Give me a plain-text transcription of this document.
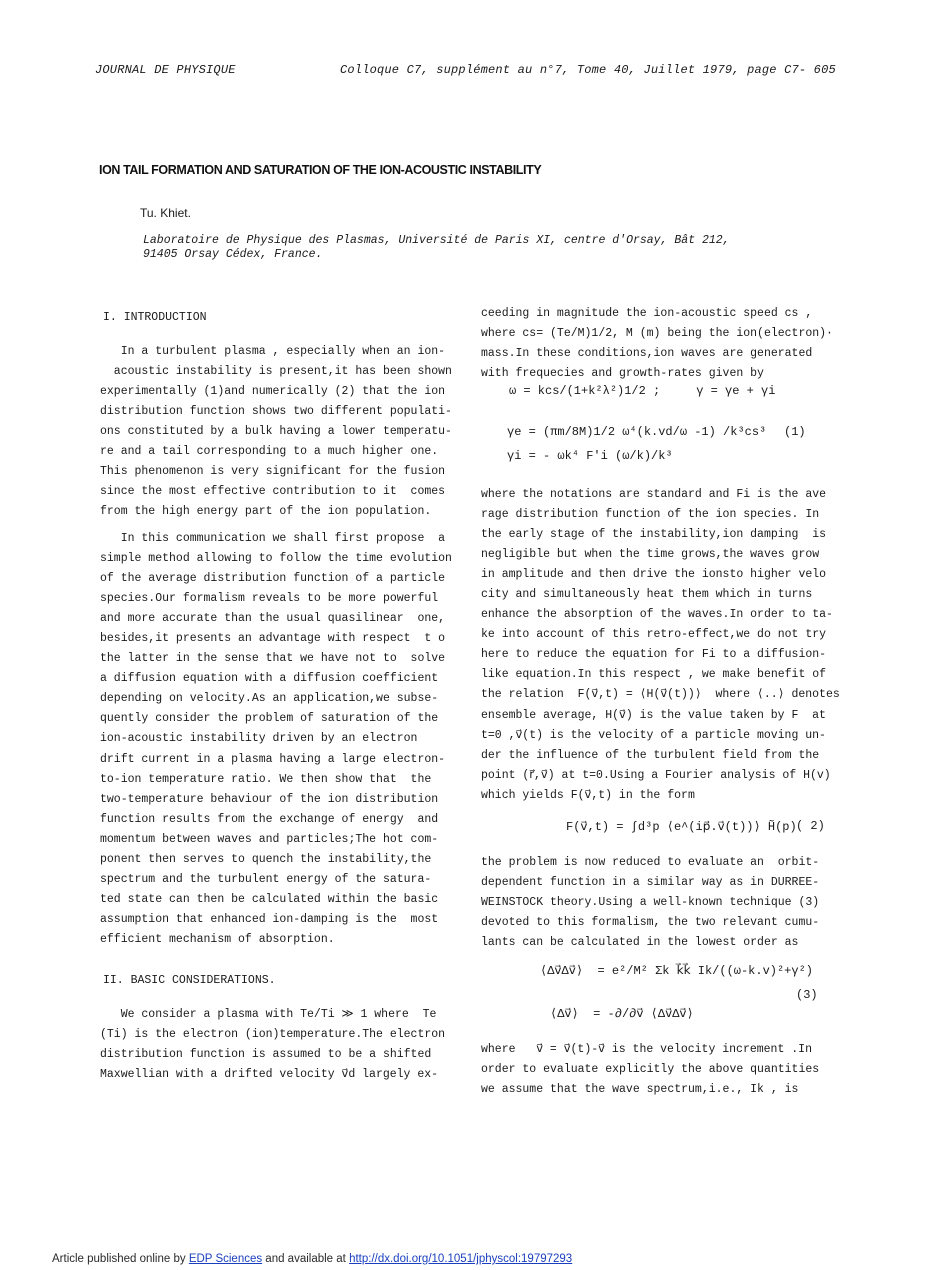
JOURNAL DE PHYSIQUE	Colloque C7, supplément au n°7, Tome 40, Juillet 1979, page C7- 605
ION TAIL FORMATION AND SATURATION OF THE ION-ACOUSTIC INSTABILITY
Tu. Khiet.
Laboratoire de Physique des Plasmas, Université de Paris XI, centre d'Orsay, Bât 212,
91405 Orsay Cédex, France.
I. INTRODUCTION
In a turbulent plasma , especially when an ion-
acoustic instability is present,it has been shown
experimentally (1)and numerically (2) that the ion
distribution function shows two different populati-
ons constituted by a bulk having a lower temperatu-
re and a tail corresponding to a much higher one.
This phenomenon is very significant for the fusion
since the most effective contribution to it  comes
from the high energy part of the ion population.
In this communication we shall first propose  a
simple method allowing to follow the time evolution
of the average distribution function of a particle
species.Our formalism reveals to be more powerful
and more accurate than the usual quasilinear  one,
besides,it presents an advantage with respect  t o
the latter in the sense that we have not to  solve
a diffusion equation with a diffusion coefficient
depending on velocity.As an application,we subse-
quently consider the problem of saturation of the
ion-acoustic instability driven by an electron
drift current in a plasma having a large electron-
to-ion temperature ratio. We then show that  the
two-temperature behaviour of the ion distribution
function results from the exchange of energy  and
momentum between waves and particles;The hot com-
ponent then serves to quench the instability,the
spectrum and the turbulent energy of the satura-
ted state can then be calculated within the basic
assumption that enhanced ion-damping is the  most
efficient mechanism of absorption.
II. BASIC CONSIDERATIONS.
We consider a plasma with Te/Ti ≫ 1 where  Te
(Ti) is the electron (ion)temperature.The electron
distribution function is assumed to be a shifted
Maxwellian with a drifted velocity v⃗d largely ex-
ceeding in magnitude the ion-acoustic speed cs ,
where cs= (Te/M)1/2, M (m) being the ion(electron)·
mass.In these conditions,ion waves are generated
with frequecies and growth-rates given by
ω = kcs/(1+k²λ²)1/2 ;     γ = γe + γi
γe = (πm/8M)1/2 ω⁴(k.vd/ω -1) /k³cs³
γi = - ωk⁴ F'i (ω/k)/k³
(1)
where the notations are standard and Fi is the ave
rage distribution function of the ion species. In
the early stage of the instability,ion damping  is
negligible but when the time grows,the waves grow
in amplitude and then drive the ionsto higher velo
city and simultaneously heat them which in turns
enhance the absorption of the waves.In order to ta-
ke into account of this retro-effect,we do not try
here to reduce the equation for Fi to a diffusion-
like equation.In this respect , we make benefit of
the relation  F(v⃗,t) = ⟨H(v⃗(t))⟩  where ⟨..⟩ denotes
ensemble average, H(v⃗) is the value taken by F  at
t=0 ,v⃗(t) is the velocity of a particle moving un-
der the influence of the turbulent field from the
point (r⃗,v⃗) at t=0.Using a Fourier analysis of H(v)
which yields F(v⃗,t) in the form
F(v⃗,t) = ∫d³p ⟨e^(ip⃗.v⃗(t))⟩ H̃(p) ( 2)
the problem is now reduced to evaluate an  orbit-
dependent function in a similar way as in DURREE-
WEINSTOCK theory.Using a well-known technique (3)
devoted to this formalism, the two relevant cumu-
lants can be calculated in the lowest order as
⟨Δv⃗Δv⃗⟩  = e²/M² Σk k⃗k⃗ Ik/((ω-k.v)²+γ²)
⟨Δv⃗⟩  = -∂/∂v⃗ ⟨Δv⃗Δv⃗⟩
(3)
where   v⃗ = v⃗(t)-v⃗ is the velocity increment .In
order to evaluate explicitly the above quantities
we assume that the wave spectrum,i.e., Ik , is
Article published online by EDP Sciences and available at http://dx.doi.org/10.1051/jphyscol:19797293
